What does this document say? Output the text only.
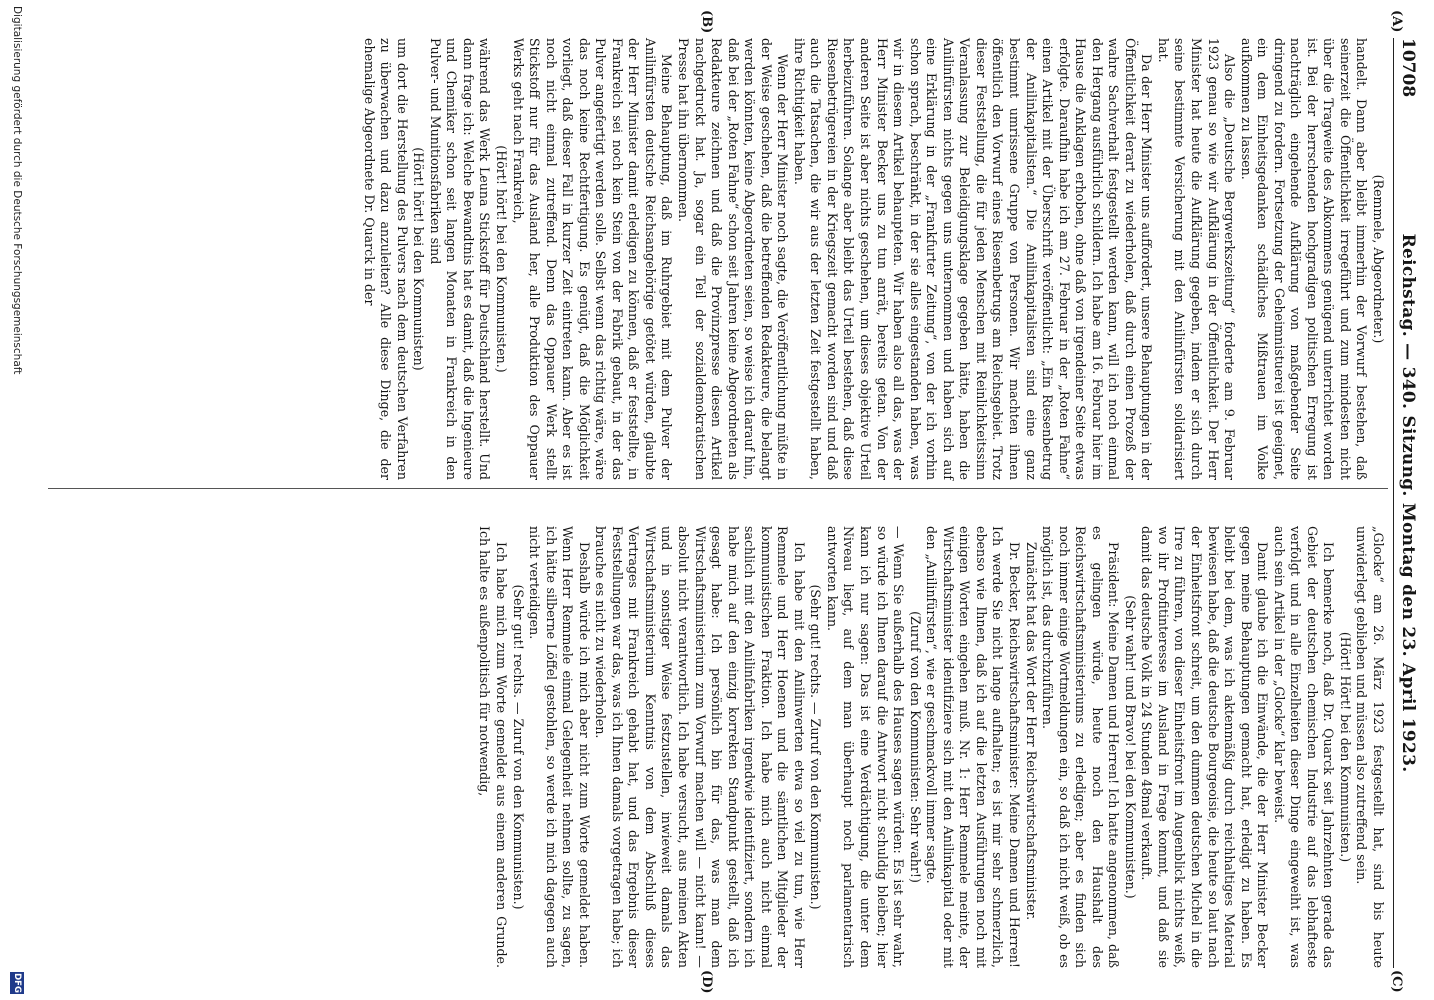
10708
Reichstag. — 340. Sitzung. Montag den 23. April 1923.
(A)
(B)
(C)
(D)

(Remmele, Abgeordneter.)

handelt. Dann aber bleibt immerhin der Vorwurf bestehen, daß seinerzeit die Öffentlichkeit irregeführt und zum mindesten nicht über die Tragweite des Abkommens genügend unterrichtet worden ist. Bei der herrschenden hochgradigen politischen Erregung ist nachträglich eingehende Aufklärung von maßgebender Seite dringend zu fordern. Fortsetzung der Geheimnistuerei ist geeignet, ein dem Einheitsgedanken schädliches Mißtrauen im Volke aufkommen zu lassen.

Also die „Deutsche Bergwerkszeitung“ forderte am 9. Februar 1923 genau so wie wir Aufklärung in der Öffentlichkeit. Der Herr Minister hat heute die Aufklärung gegeben, indem er sich durch seine bestimmte Versicherung mit den Anilinfürsten solidarisiert hat.

Da der Herr Minister uns auffordert, unsere Behauptungen in der Öffentlichkeit derart zu wiederholen, daß durch einen Prozeß der wahre Sachverhalt festgestellt werden kann, will ich noch einmal den Hergang ausführlich schildern. Ich habe am 16. Februar hier im Hause die Anklagen erhoben, ohne daß von irgendeiner Seite etwas erfolgte. Daraufhin habe ich am 27. Februar in der „Roten Fahne“ einen Artikel mit der Überschrift veröffentlicht: „Ein Riesenbetrug der Anilinkapitalisten.“ Die Anilinkapitalisten sind eine ganz bestimmt umrissene Gruppe von Personen. Wir machten ihnen öffentlich den Vorwurf eines Riesenbetrugs am Reichsgebiet. Trotz dieser Feststellung, die für jeden Menschen mit Reinlichkeitssinn Veranlassung zur Beleidigungsklage gegeben hätte, haben die Anilinfürsten nichts gegen uns unternommen und haben sich auf eine Erklärung in der „Frankfurter Zeitung“, von der ich vorhin schon sprach, beschränkt, in der sie alles eingestanden haben, was wir in diesem Artikel behaupteten. Wir haben also all das, was der Herr Minister Becker uns zu tun anrät, bereits getan. Von der anderen Seite ist aber nichts geschehen, um dieses objektive Urteil herbeizuführen. Solange aber bleibt das Urteil bestehen, daß diese Riesenbetrügereien in der Kriegszeit gemacht worden sind und daß auch die Tatsachen, die wir aus der letzten Zeit festgestellt haben, ihre Richtigkeit haben.

Wenn der Herr Minister noch sagte, die Veröffentlichung müßte in der Weise geschehen, daß die betreffenden Redakteure, die belangt werden könnten, keine Abgeordneten seien, so weise ich darauf hin, daß bei der „Roten Fahne“ schon seit Jahren keine Abgeordneten als Redakteure zeichnen und daß die Provinzpresse diesen Artikel nachgedruckt hat. Ja, sogar ein Teil der sozialdemokratischen Presse hat ihn übernommen.

Meine Behauptung, daß im Ruhrgebiet mit dem Pulver der Anilinfürsten deutsche Reichsangehörige getötet würden, glaubte der Herr Minister damit erledigen zu können, daß er feststellte, in Frankreich sei noch kein Stein von der Fabrik gebaut, in der das Pulver angefertigt werden solle. Selbst wenn das richtig wäre, wäre das noch keine Rechtfertigung. Es genügt, daß die Möglichkeit vorliegt, daß dieser Fall in kurzer Zeit eintreten kann. Aber es ist noch nicht einmal zutreffend. Denn das Oppauer Werk stellt Stickstoff nur für das Ausland her, alle Produktion des Oppauer Werks geht nach Frankreich,

(Hört! hört! bei den Kommunisten.)

während das Werk Leuna Stickstoff für Deutschland herstellt. Und dann frage ich: Welche Bewandtnis hat es damit, daß die Ingenieure und Chemiker schon seit langen Monaten in Frankreich in den Pulver- und Munitionsfabriken sind

(Hört! hört! bei den Kommunisten)

um dort die Herstellung des Pulvers nach dem deutschen Verfahren zu überwachen und dazu anzuleiten? Alle diese Dinge, die der ehemalige Abgeordnete Dr. Quarck in der

„Glocke“ am 26. März 1923 festgestellt hat, sind bis heute unwiderlegt geblieben und müssen also zutreffend sein.

(Hört! Hört! bei den Kommunisten.)

Ich bemerke noch, daß Dr. Quarck seit Jahrzehnten gerade das Gebiet der deutschen chemischen Industrie auf das lebhafteste verfolgt und in alle Einzelheiten dieser Dinge eingeweiht ist, was auch sein Artikel in der „Glocke“ klar beweist.

Damit glaube ich die Einwände, die der Herr Minister Becker gegen meine Behauptungen gemacht hat, erledigt zu haben. Es bleibt bei dem, was ich aktenmäßig durch reichhaltiges Material bewiesen habe, daß die deutsche Bourgeoisie, die heute so laut nach der Einheitsfront schreit, um den dummen deutschen Michel in die Irre zu führen, von dieser Einheitsfront im Augenblick nichts weiß, wo ihr Profitinteresse im Ausland in Frage kommt, und daß sie damit das deutsche Volk in 24 Stunden 48mal verkauft.

(Sehr wahr! und Bravo! bei den Kommunisten.)

Präsident: Meine Damen und Herren! Ich hatte angenommen, daß es gelingen würde, heute noch den Haushalt des Reichswirtschaftsministeriums zu erledigen; aber es finden sich noch immer einige Wortmeldungen ein, so daß ich nicht weiß, ob es möglich ist, das durchzuführen.

Zunächst hat das Wort der Herr Reichswirtschaftsminister.

Dr. Becker, Reichswirtschaftsminister: Meine Damen und Herren! Ich werde Sie nicht lange aufhalten; es ist mir sehr schmerzlich, ebenso wie Ihnen, daß ich auf die letzten Ausführungen noch mit einigen Worten eingehen muß. Nr. 1: Herr Remmele meinte, der Wirtschaftsminister identifiziere sich mit den Anilinkapital oder mit den „Anilinfürsten“, wie er geschmackvoll immer sagte.

(Zuruf von den Kommunisten: Sehr wahr!)

— Wenn Sie außerhalb des Hauses sagen würden: Es ist sehr wahr, so würde ich Ihnen darauf die Antwort nicht schuldig bleiben; hier kann ich nur sagen: Das ist eine Verdächtigung, die unter dem Niveau liegt, auf dem man überhaupt noch parlamentarisch antworten kann.

(Sehr gut! rechts. — Zuruf von den Kommunisten.)

Ich habe mit den Anilinwerten etwa so viel zu tun, wie Herr Remmele und Herr Hoenen und die sämtlichen Mitglieder der kommunistischen Fraktion. Ich habe mich auch nicht einmal sachlich mit den Anilinfabriken irgendwie identifiziert, sondern ich habe mich auf den einzig korrekten Standpunkt gestellt, daß ich gesagt habe: Ich persönlich bin für das, was man dem Wirtschaftsministerium zum Vorwurf machen will — nicht kann! — absolut nicht verantwortlich. Ich habe versucht, aus meinen Akten und in sonstiger Weise festzustellen, inwieweit damals das Wirtschaftsministerium Kenntnis von dem Abschluß dieses Vertrages mit Frankreich gehabt hat, und das Ergebnis dieser Feststellungen war das, was ich Ihnen damals vorgetragen habe; ich brauche es nicht zu wiederholen.

Deshalb würde ich mich aber nicht zum Worte gemeldet haben. Wenn Herr Remmele einmal Gelegenheit nehmen sollte, zu sagen, ich hätte silberne Löffel gestohlen, so werde ich mich dagegen auch nicht verteidigen.

(Sehr gut! rechts. — Zuruf von den Kommunisten.)

Ich habe mich zum Worte gemeldet aus einem anderen Grunde. Ich halte es außenpolitisch für notwendig,

Digitalisierung gefördert durch die Deutsche Forschungsgemeinschaft
DFG
